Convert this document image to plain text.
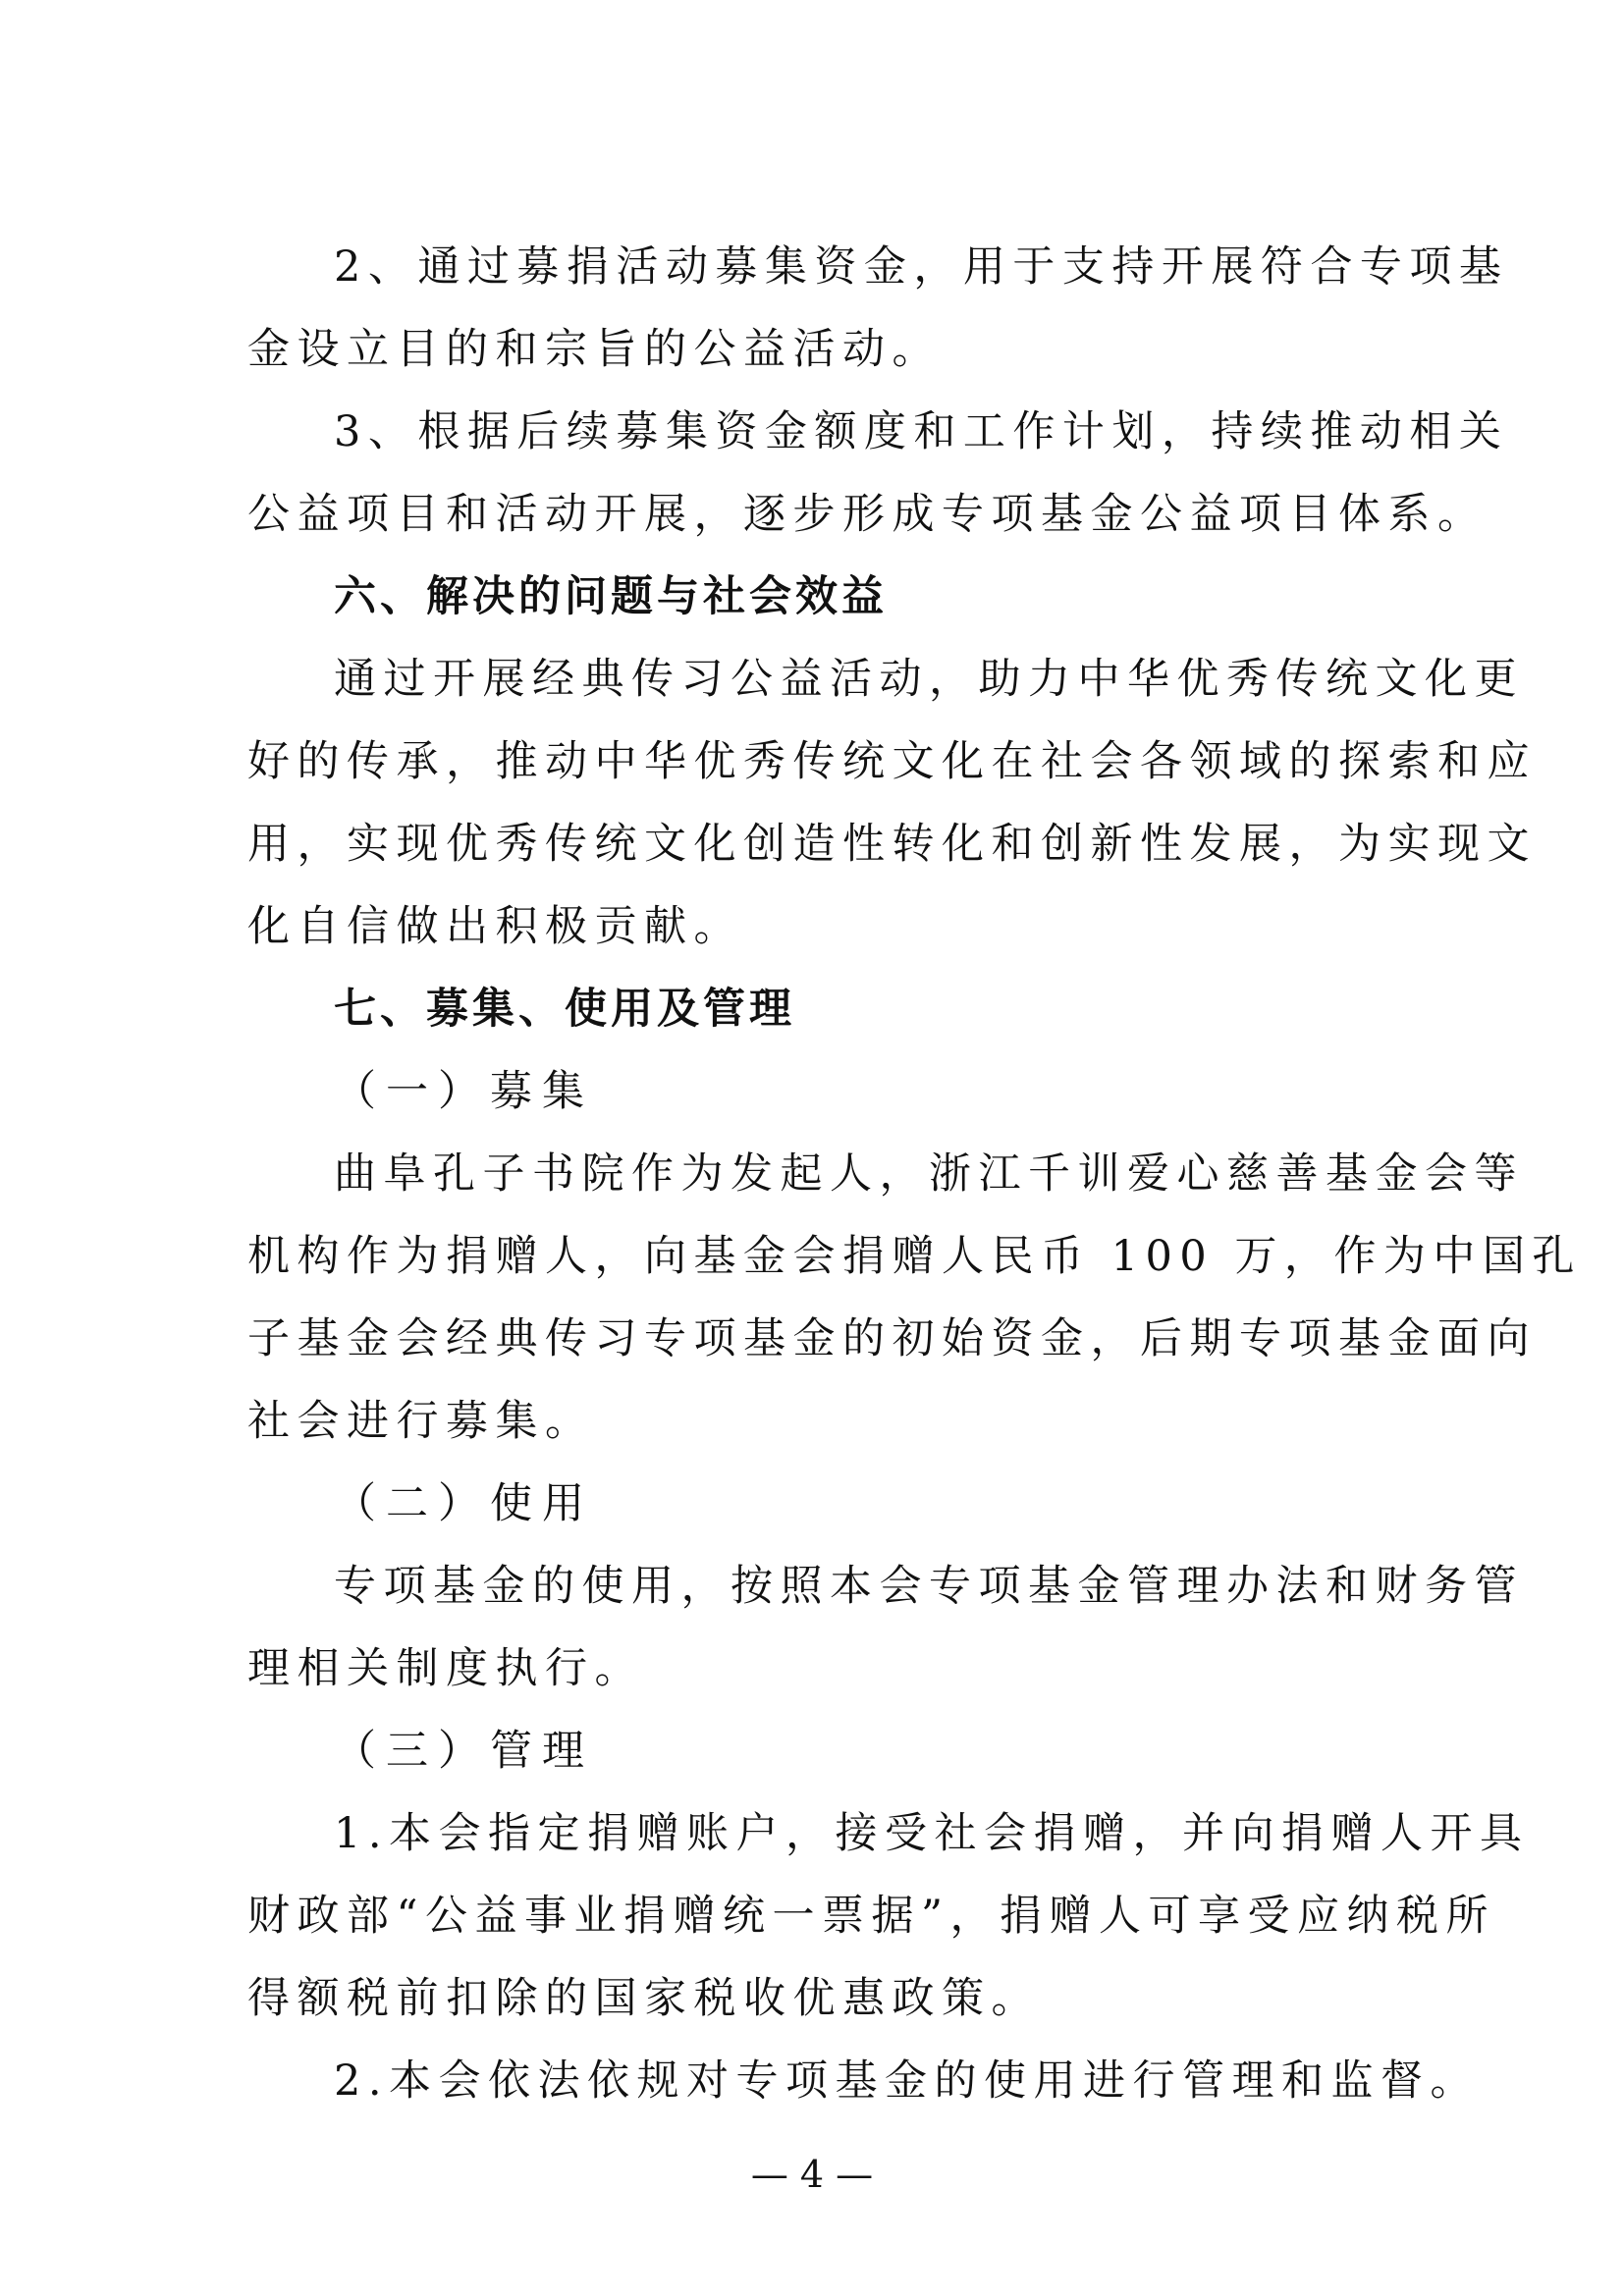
2、通过募捐活动募集资金，用于支持开展符合专项基
金设立目的和宗旨的公益活动。
3、根据后续募集资金额度和工作计划，持续推动相关
公益项目和活动开展，逐步形成专项基金公益项目体系。
六、解决的问题与社会效益
通过开展经典传习公益活动，助力中华优秀传统文化更
好的传承，推动中华优秀传统文化在社会各领域的探索和应
用，实现优秀传统文化创造性转化和创新性发展，为实现文
化自信做出积极贡献。
七、募集、使用及管理
（一）募集
曲阜孔子书院作为发起人，浙江千训爱心慈善基金会等
机构作为捐赠人，向基金会捐赠人民币 100 万，作为中国孔
子基金会经典传习专项基金的初始资金，后期专项基金面向
社会进行募集。
（二）使用
专项基金的使用，按照本会专项基金管理办法和财务管
理相关制度执行。
（三）管理
1.本会指定捐赠账户，接受社会捐赠，并向捐赠人开具
财政部“公益事业捐赠统一票据”，捐赠人可享受应纳税所
得额税前扣除的国家税收优惠政策。
2.本会依法依规对专项基金的使用进行管理和监督。
— 4 —
